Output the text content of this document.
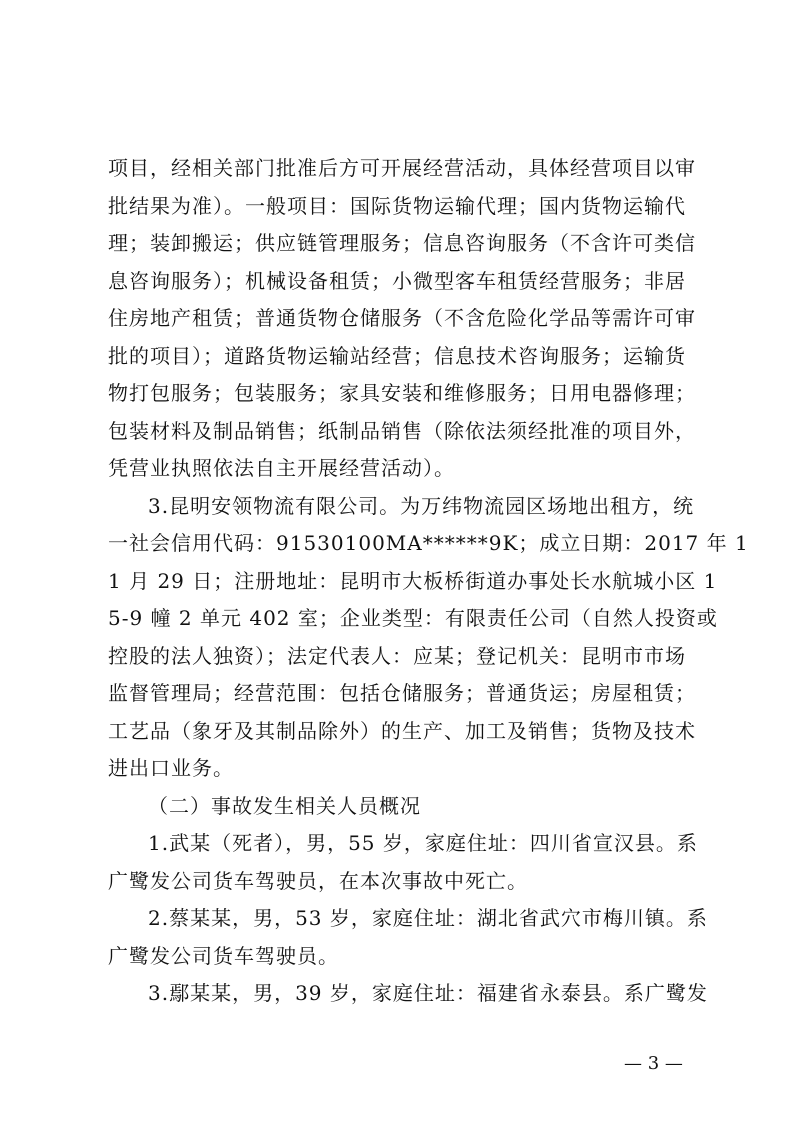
项目，经相关部门批准后方可开展经营活动，具体经营项目以审
批结果为准）。一般项目：国际货物运输代理；国内货物运输代
理；装卸搬运；供应链管理服务；信息咨询服务（不含许可类信
息咨询服务）；机械设备租赁；小微型客车租赁经营服务；非居
住房地产租赁；普通货物仓储服务（不含危险化学品等需许可审
批的项目）；道路货物运输站经营；信息技术咨询服务；运输货
物打包服务；包装服务；家具安装和维修服务；日用电器修理；
包装材料及制品销售；纸制品销售（除依法须经批准的项目外，
凭营业执照依法自主开展经营活动）。
3.昆明安领物流有限公司。为万纬物流园区场地出租方，统
一社会信用代码：91530100MA******9K；成立日期：2017 年 1
1 月 29 日；注册地址：昆明市大板桥街道办事处长水航城小区 1
5-9 幢 2 单元 402 室；企业类型：有限责任公司（自然人投资或
控股的法人独资）；法定代表人：应某；登记机关：昆明市市场
监督管理局；经营范围：包括仓储服务；普通货运；房屋租赁；
工艺品（象牙及其制品除外）的生产、加工及销售；货物及技术
进出口业务。
（二）事故发生相关人员概况
1.武某（死者），男，55 岁，家庭住址：四川省宣汉县。系
广鹭发公司货车驾驶员，在本次事故中死亡。
2.蔡某某，男，53 岁，家庭住址：湖北省武穴市梅川镇。系
广鹭发公司货车驾驶员。
3.鄢某某，男，39 岁，家庭住址：福建省永泰县。系广鹭发
— 3 —
